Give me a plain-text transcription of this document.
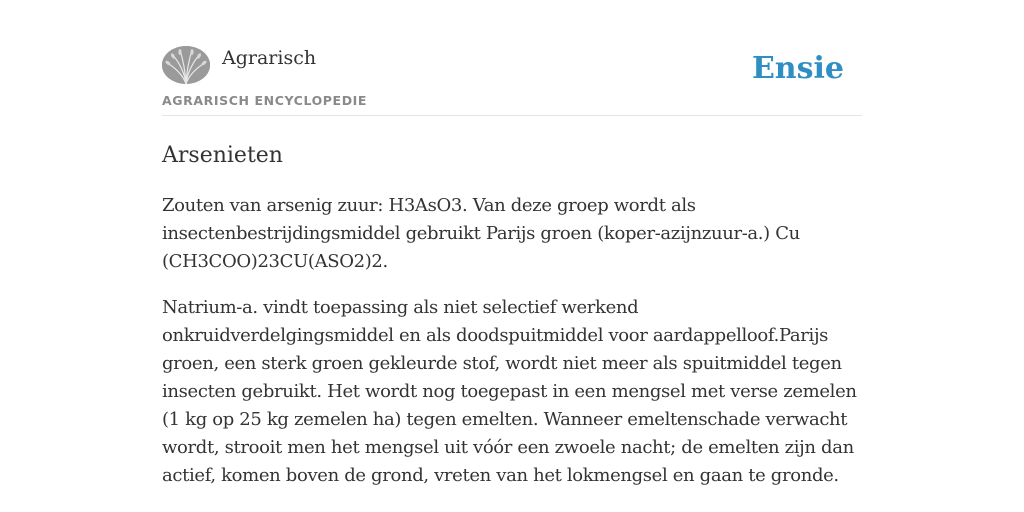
Agrarisch
AGRARISCH ENCYCLOPEDIE
Ensie
Arsenieten

Zouten van arsenig zuur: H3AsO3. Van deze groep wordt als insectenbestrijdingsmiddel gebruikt Parijs groen (koper-azijnzuur-a.) Cu (CH3COO)23CU(ASO2)2.

Natrium-a. vindt toepassing als niet selectief werkend onkruidverdelgingsmiddel en als doodspuitmiddel voor aardappelloof.Parijs groen, een sterk groen gekleurde stof, wordt niet meer als spuitmiddel tegen insecten gebruikt. Het wordt nog toegepast in een mengsel met verse zemelen (1 kg op 25 kg zemelen ha) tegen emelten. Wanneer emeltenschade verwacht wordt, strooit men het mengsel uit vóór een zwoele nacht; de emelten zijn dan actief, komen boven de grond, vreten van het lokmengsel en gaan te gronde.
